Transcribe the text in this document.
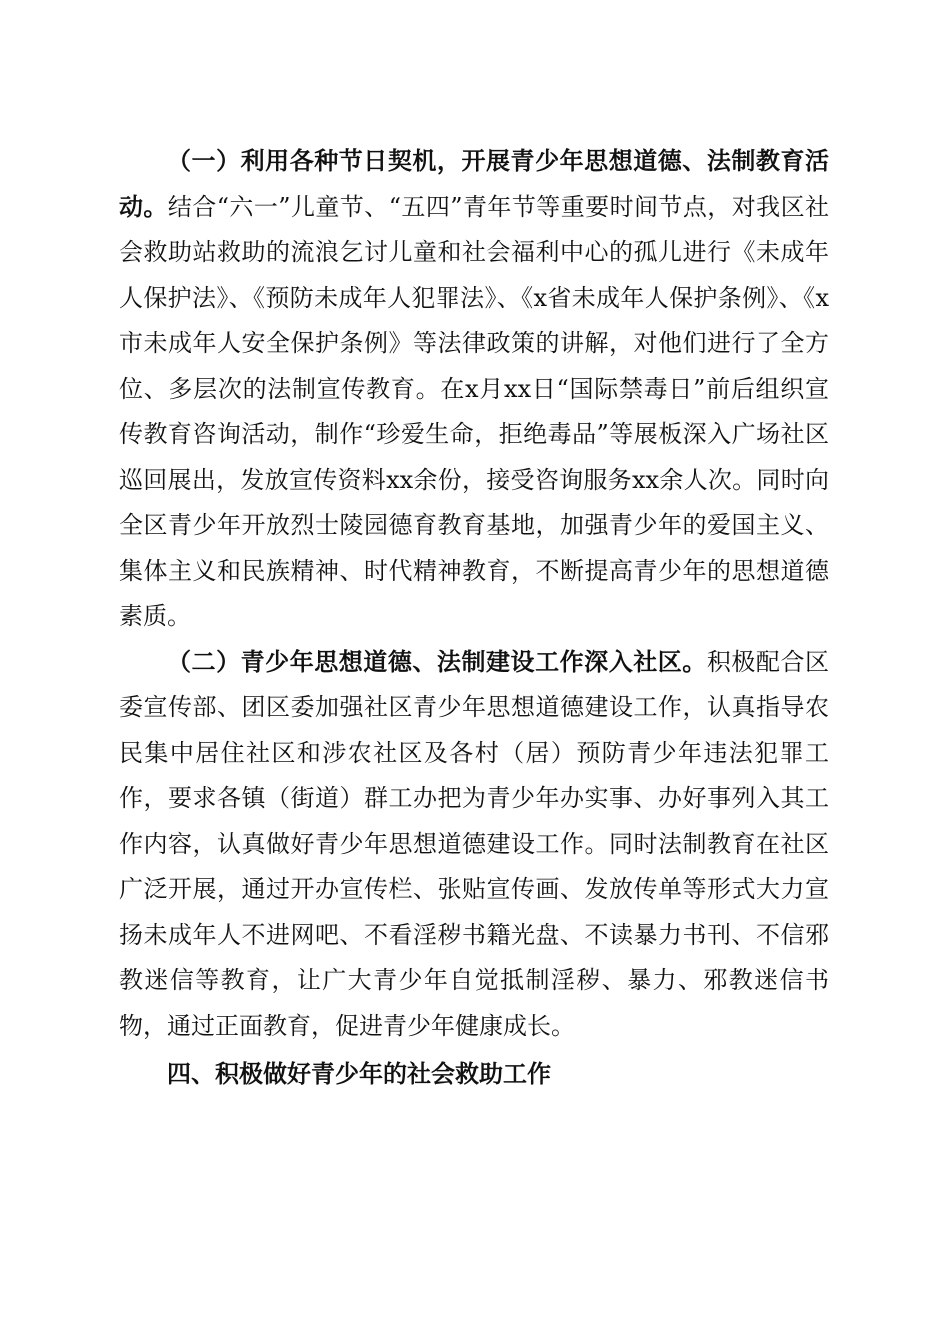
（一）利用各种节日契机，开展青少年思想道德、法制教育活动。结合“六一”儿童节、“五四”青年节等重要时间节点，对我区社会救助站救助的流浪乞讨儿童和社会福利中心的孤儿进行《未成年人保护法》、《预防未成年人犯罪法》、《x省未成年人保护条例》、《x市未成年人安全保护条例》等法律政策的讲解，对他们进行了全方位、多层次的法制宣传教育。在x月xx日“国际禁毒日”前后组织宣传教育咨询活动，制作“珍爱生命，拒绝毒品”等展板深入广场社区巡回展出，发放宣传资料xx余份，接受咨询服务xx余人次。同时向全区青少年开放烈士陵园德育教育基地，加强青少年的爱国主义、集体主义和民族精神、时代精神教育，不断提高青少年的思想道德素质。

（二）青少年思想道德、法制建设工作深入社区。积极配合区委宣传部、团区委加强社区青少年思想道德建设工作，认真指导农民集中居住社区和涉农社区及各村（居）预防青少年违法犯罪工作，要求各镇（街道）群工办把为青少年办实事、办好事列入其工作内容，认真做好青少年思想道德建设工作。同时法制教育在社区广泛开展，通过开办宣传栏、张贴宣传画、发放传单等形式大力宣扬未成年人不进网吧、不看淫秽书籍光盘、不读暴力书刊、不信邪教迷信等教育，让广大青少年自觉抵制淫秽、暴力、邪教迷信书物，通过正面教育，促进青少年健康成长。

四、积极做好青少年的社会救助工作
